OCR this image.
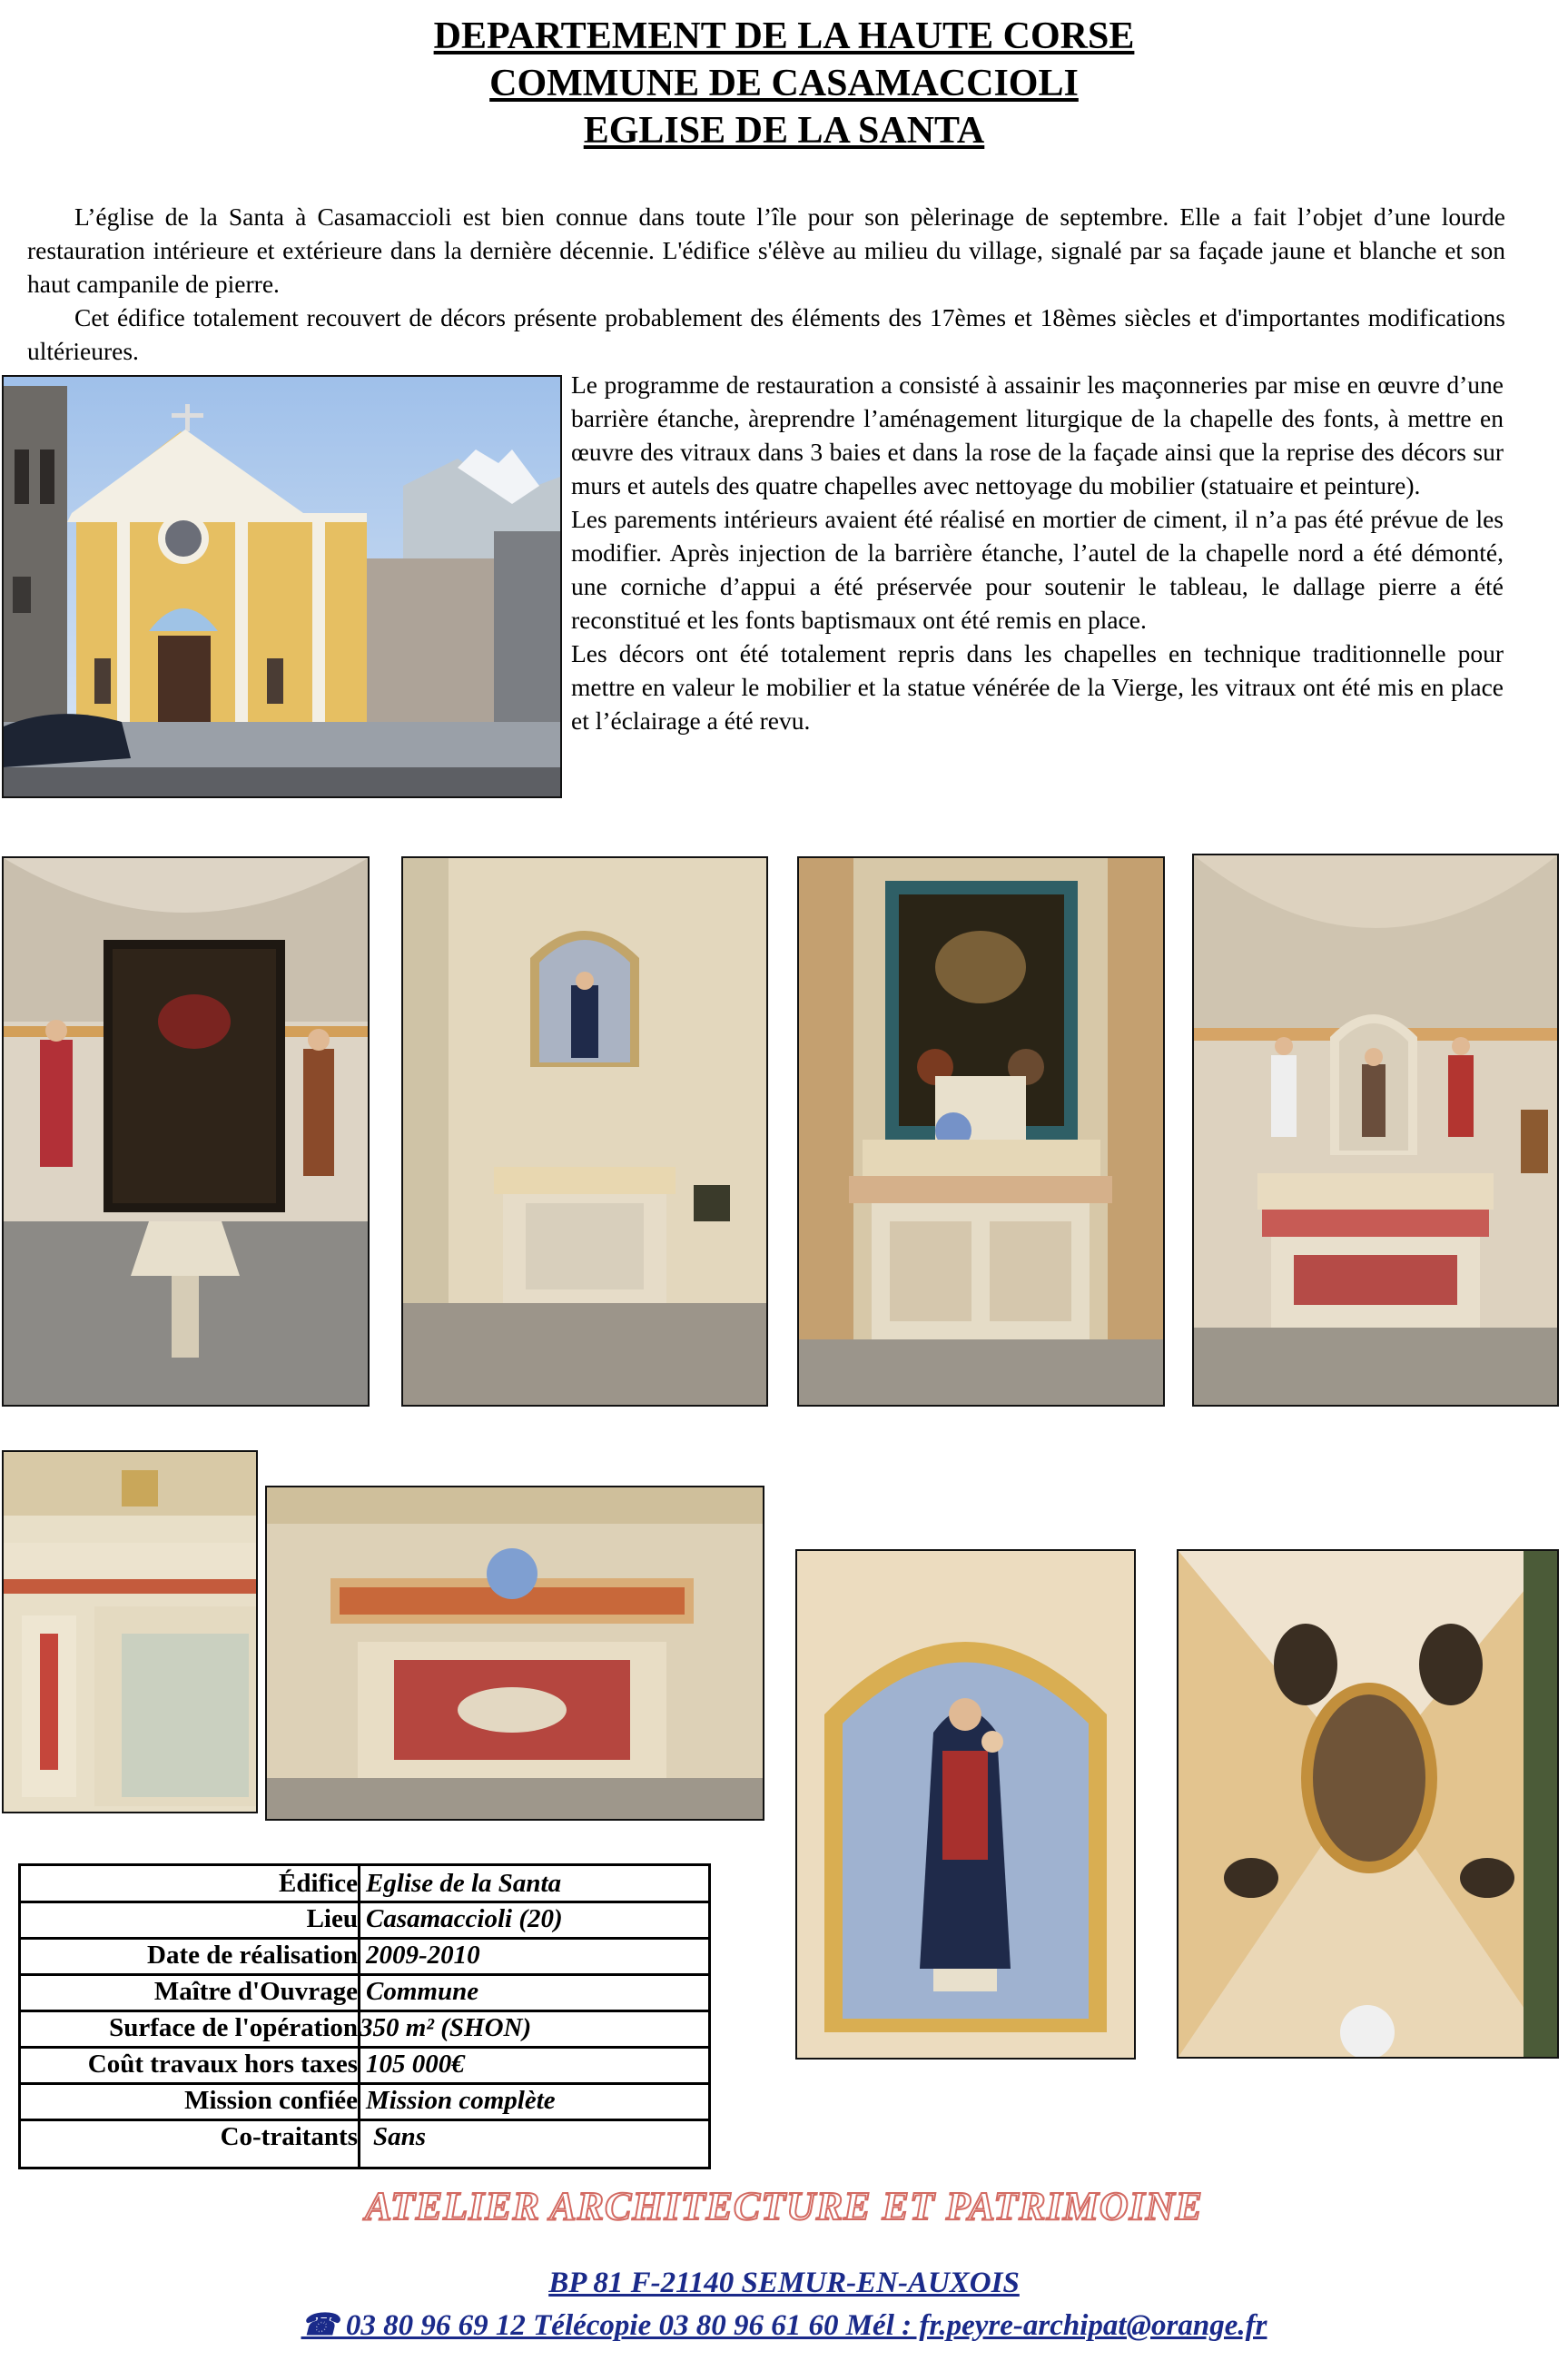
DEPARTEMENT DE LA HAUTE CORSE
COMMUNE DE CASAMACCIOLI
EGLISE DE LA SANTA

L’église de la Santa à Casamaccioli est bien connue dans toute l’île pour son pèlerinage de septembre. Elle a fait l’objet d’une lourde restauration intérieure et extérieure dans la dernière décennie. L'édifice s'élève au milieu du village, signalé par sa façade jaune et blanche et son haut campanile de pierre.

Cet édifice totalement recouvert de décors présente probablement des éléments des 17èmes et 18èmes siècles et d'importantes modifications ultérieures.

Le programme de restauration a consisté à assainir les maçonneries par mise en œuvre d’une barrière étanche, àreprendre l’aménagement liturgique de la chapelle des fonts, à mettre en œuvre des vitraux dans 3 baies et dans la rose de la façade ainsi que la reprise des décors sur murs et autels des quatre chapelles avec nettoyage du mobilier (statuaire et peinture).

Les parements intérieurs avaient été réalisé en mortier de ciment, il n’a pas été prévue de les modifier. Après injection de la barrière étanche, l’autel de la chapelle nord a été démonté, une corniche d’appui a été préservée pour soutenir le tableau, le dallage pierre a été reconstitué et les fonts baptismaux ont été remis en place.

Les décors ont été totalement repris dans les chapelles en technique traditionnelle pour mettre en valeur le mobilier et la statue vénérée de la Vierge, les vitraux ont été mis en place et l’éclairage a été revu.

Édifice Eglise de la Santa
Lieu Casamaccioli (20)
Date de réalisation 2009-2010
Maître d'Ouvrage Commune
Surface de l'opération 350 m² (SHON)
Coût travaux hors taxes 105 000€
Mission confiée Mission complète
Co-traitants Sans
ATELIER ARCHITECTURE ET PATRIMOINE
BP 81 F-21140 SEMUR-EN-AUXOIS
☎ 03 80 96 69 12 Télécopie 03 80 96 61 60 Mél : fr.peyre-archipat@orange.fr
